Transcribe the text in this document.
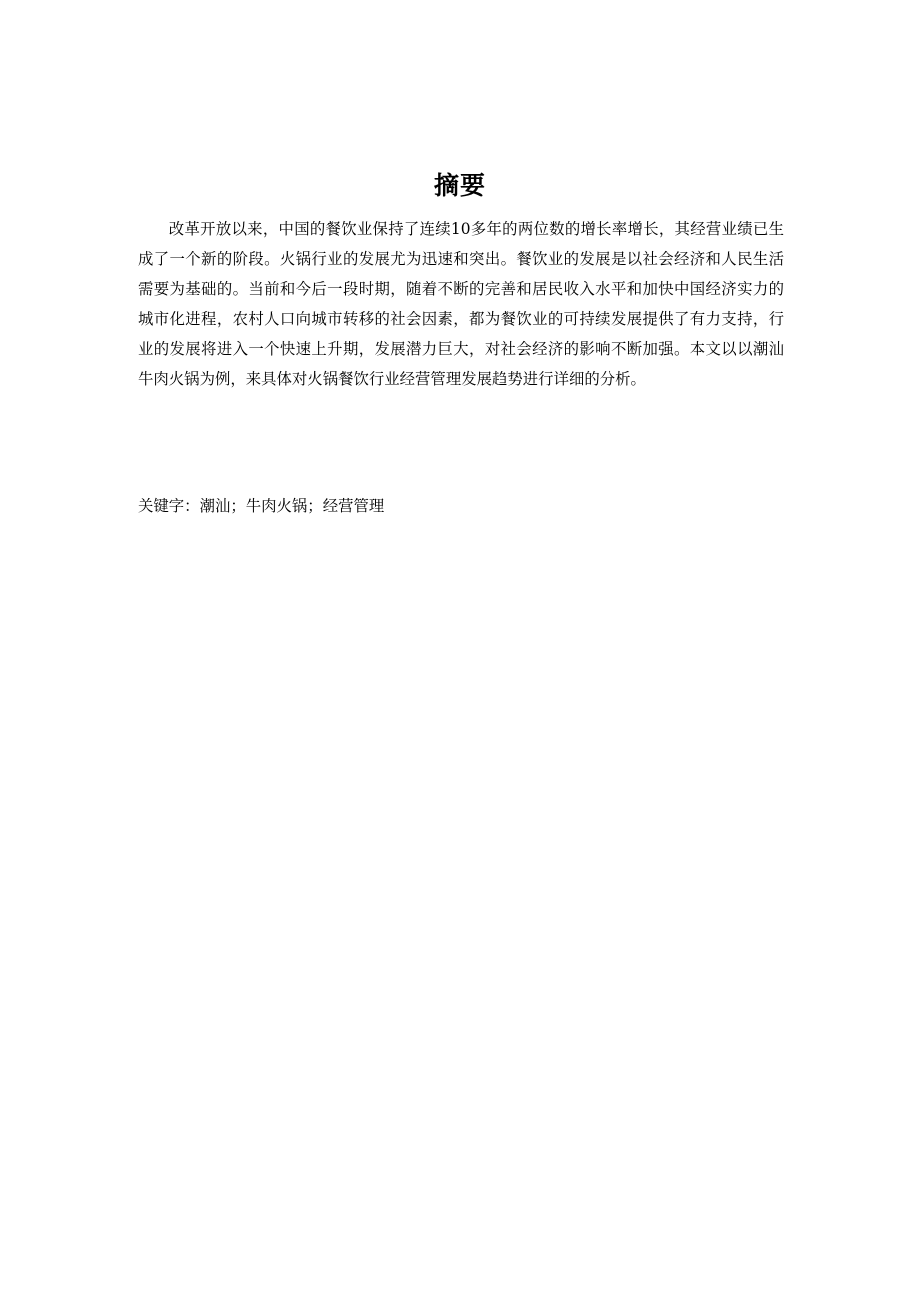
摘要

改革开放以来，中国的餐饮业保持了连续10多年的两位数的增长率增长，其经营业绩已生成了一个新的阶段。火锅行业的发展尤为迅速和突出。餐饮业的发展是以社会经济和人民生活需要为基础的。当前和今后一段时期，随着不断的完善和居民收入水平和加快中国经济实力的城市化进程，农村人口向城市转移的社会因素，都为餐饮业的可持续发展提供了有力支持，行业的发展将进入一个快速上升期，发展潜力巨大，对社会经济的影响不断加强。本文以以潮汕牛肉火锅为例，来具体对火锅餐饮行业经营管理发展趋势进行详细的分析。

关键字：潮汕；牛肉火锅；经营管理
